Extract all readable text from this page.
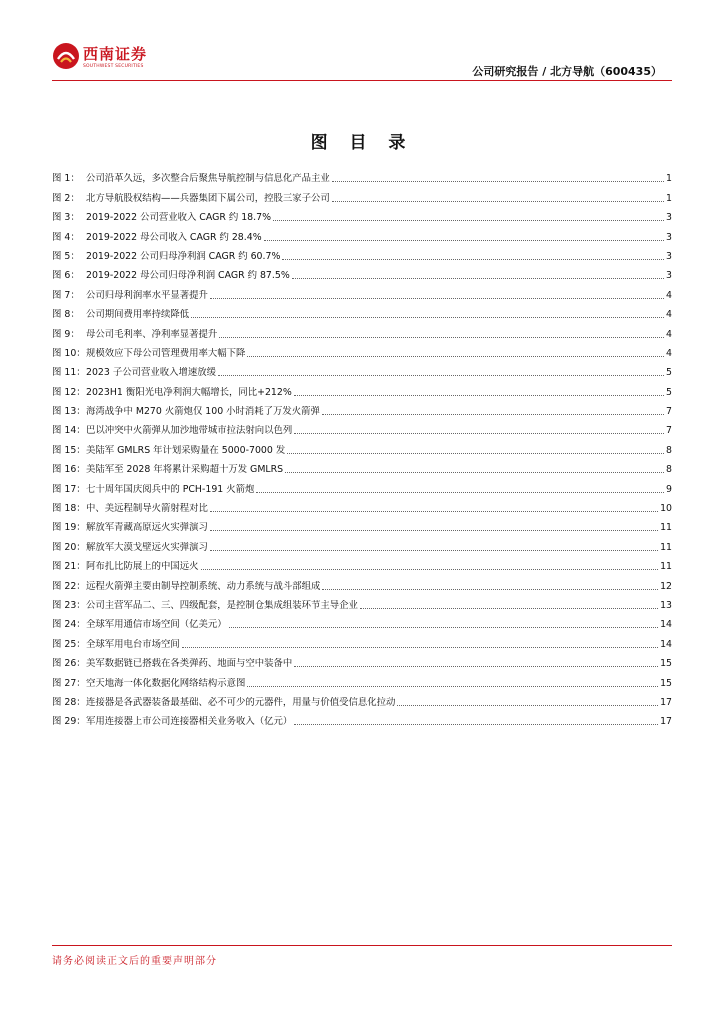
西南证券
SOUTHWEST SECURITIES	公司研究报告 / 北方导航（600435）
图 目 录
图 1： 公司沿革久远，多次整合后聚焦导航控制与信息化产品主业	1
图 2： 北方导航股权结构——兵器集团下属公司，控股三家子公司	1
图 3： 2019-2022 公司营业收入 CAGR 约 18.7%	3
图 4： 2019-2022 母公司收入 CAGR 约 28.4%	3
图 5： 2019-2022 公司归母净利润 CAGR 约 60.7%	3
图 6： 2019-2022 母公司归母净利润 CAGR 约 87.5%	3
图 7： 公司归母利润率水平显著提升	4
图 8： 公司期间费用率持续降低	4
图 9： 母公司毛利率、净利率显著提升	4
图 10： 规模效应下母公司管理费用率大幅下降	4
图 11： 2023 子公司营业收入增速放缓	5
图 12： 2023H1 衡阳光电净利润大幅增长，同比+212%	5
图 13： 海湾战争中 M270 火箭炮仅 100 小时消耗了万发火箭弹	7
图 14： 巴以冲突中火箭弹从加沙地带城市拉法射向以色列	7
图 15： 美陆军 GMLRS 年计划采购量在 5000-7000 发	8
图 16： 美陆军至 2028 年将累计采购超十万发 GMLRS	8
图 17： 七十周年国庆阅兵中的 PCH-191 火箭炮	9
图 18： 中、美远程制导火箭射程对比	10
图 19： 解放军青藏高原远火实弹演习	11
图 20： 解放军大漠戈壁远火实弹演习	11
图 21： 阿布扎比防展上的中国远火	11
图 22： 远程火箭弹主要由制导控制系统、动力系统与战斗部组成	12
图 23： 公司主营军品二、三、四级配套，是控制仓集成组装环节主导企业	13
图 24： 全球军用通信市场空间（亿美元）	14
图 25： 全球军用电台市场空间	14
图 26： 美军数据链已搭载在各类弹药、地面与空中装备中	15
图 27： 空天地海一体化数据化网络结构示意图	15
图 28： 连接器是各武器装备最基础、必不可少的元器件，用量与价值受信息化拉动	17
图 29： 军用连接器上市公司连接器相关业务收入（亿元）	17
请务必阅读正文后的重要声明部分
